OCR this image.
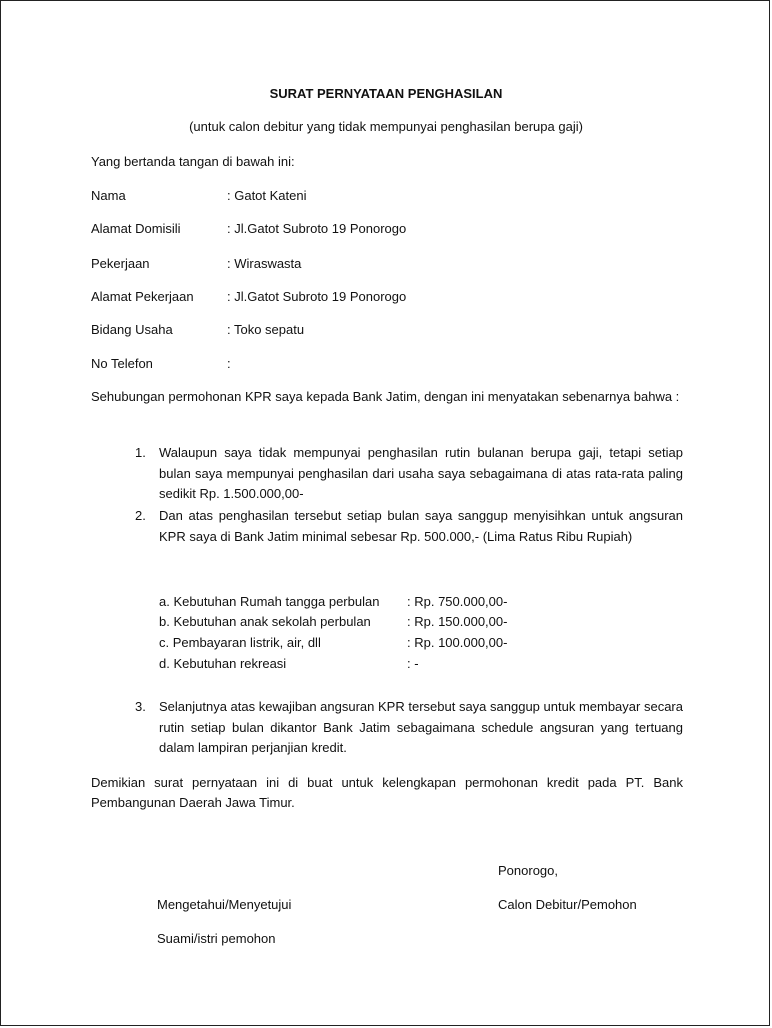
SURAT PERNYATAAN PENGHASILAN
(untuk calon debitur yang tidak mempunyai penghasilan berupa gaji)
Yang bertanda tangan di bawah ini:
Nama	: Gatot Kateni
Alamat Domisili	: Jl.Gatot Subroto 19 Ponorogo
Pekerjaan	: Wiraswasta
Alamat Pekerjaan	: Jl.Gatot Subroto 19 Ponorogo
Bidang Usaha	: Toko sepatu
No Telefon	:
Sehubungan permohonan KPR saya kepada Bank Jatim, dengan ini menyatakan sebenarnya bahwa :
1. Walaupun saya tidak mempunyai penghasilan rutin bulanan berupa gaji, tetapi setiap bulan saya mempunyai penghasilan dari usaha saya sebagaimana di atas rata-rata paling sedikit Rp. 1.500.000,00-
2. Dan atas penghasilan tersebut setiap bulan saya sanggup menyisihkan untuk angsuran KPR saya di Bank Jatim minimal sebesar Rp. 500.000,- (Lima Ratus Ribu Rupiah)
a. Kebutuhan Rumah tangga perbulan : Rp. 750.000,00-
b. Kebutuhan anak sekolah perbulan	: Rp. 150.000,00-
c. Pembayaran listrik, air, dll	: Rp. 100.000,00-
d. Kebutuhan rekreasi	: -
3. Selanjutnya atas kewajiban angsuran KPR tersebut saya sanggup untuk membayar secara rutin setiap bulan dikantor Bank Jatim sebagaimana schedule angsuran yang tertuang dalam lampiran perjanjian kredit.
Demikian surat pernyataan ini di buat untuk kelengkapan permohonan kredit pada PT. Bank Pembangunan Daerah Jawa Timur.
Ponorogo,
Mengetahui/Menyetujui	Calon Debitur/Pemohon
Suami/istri pemohon
